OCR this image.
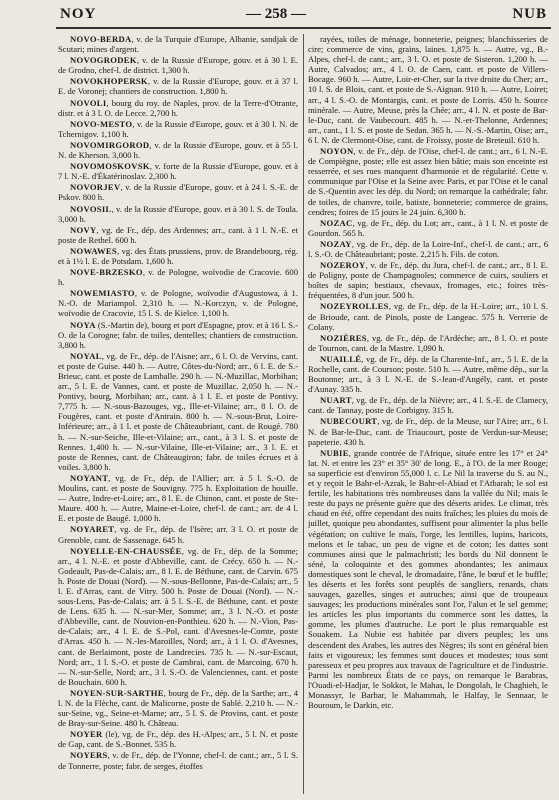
NOY	— 258 —	NUB

NOVO-BERDA, v. de la Turquie d'Europe, Albanie, sandjak de Scutari; mines d'argent.

NOVOGRODEK, v. de la Russie d'Europe, gouv. et à 30 l. E. de Grodno, chef-l. de district. 1,300 h.

NOVOKHOPERSK, v. de la Russie d'Europe, gouv. et à 37 l. E. de Voronej; chantiers de construction. 1,800 h.

NOVOLI, bourg du roy. de Naples, prov. de la Terre-d'Otrante, distr. et à 3 l. O. de Lecce. 2,700 h.

NOVO-MESTO, v. de la Russie d'Europe, gouv. et à 30 l. N. de Tchernigov. 1,100 h.

NOVOMIRGOROD, v. de la Russie d'Europe, gouv. et à 55 l. N. de Kherson. 3,000 h.

NOVOMOSKOVSK, v. forte de la Russie d'Europe, gouv. et à 7 l. N.-E. d'Ékatérinoslav. 2,300 h.

NOVORJEV, v. de la Russie d'Europe, gouv. et à 24 l. S.-E. de Pskov. 800 h.

NOVOSIL, v. de la Russie d'Europe, gouv. et à 30 l. S. de Toula. 3,000 h.

NOVY, vg. de Fr., dép. des Ardennes; arr., cant. à 1 l. N.-E. et poste de Rethel. 600 h.

NOWAWES, vg. des États prussiens, prov. de Brandebourg, rég. et à 1½ l. E. de Potsdam. 1,600 h.

NOVE-BRZESKO, v. de Pologne, woïvodie de Cracovie. 600 h.

NOWEMIASTO, v. de Pologne, woïvodie d'Augustowa, à 1. N.-O. de Mariampol. 2,310 h. — N.-Korczyn, v. de Pologne, woïvodie de Cracovie, 15 l. S. de Kielce. 1,100 h.

NOYA (S.-Martin de), bourg et port d'Espagne, prov. et à 16 l. S.-O. de la Corogne; fabr. de toiles, dentelles; chantiers de construction. 3,800 h.

NOYAL, vg. de Fr., dép. de l'Aisne; arr., 6 l. O. de Vervins, cant. et poste de Guise. 440 h. — Autre, Côtes-du-Nord; arr., 6 l. E. de S.-Brieuc, cant. et poste de Lamballe. 290 h. — N.-Muzillac, Morbihan; arr., 5 l. E. de Vannes, cant. et poste de Muzillac. 2,050 h. — N.-Pontivy, bourg, Morbihan; arr., cant. à 1 l. E. et poste de Pontivy. 7,775 h. — N.-sous-Bazouges, vg., Ille-et-Vilaine; arr., 8 l. O. de Fougères, cant. et poste d'Antrain. 800 h. — N.-sous-Brut, Loire-Inférieure; arr., à 1 l. et poste de Châteaubriant, cant. de Rougé. 780 h. — N.-sur-Seiche, Ille-et-Vilaine; arr., cant., à 3 l. S. et poste de Rennes. 1,400 h. — N.-sur-Vilaine, Ille-et-Vilaine; arr., 3 l. E. et poste de Rennes, cant. de Châteaugiron; fabr. de toiles écrues et à voiles. 3,800 h.

NOYANT, vg. de Fr., dép. de l'Allier; arr. à 5 l. S.-O. de Moulins, cant. et poste de Souvigny. 775 h. Exploitation de houille. — Autre, Indre-et-Loire; arr., 8 l. E. de Chinon, cant. et poste de Ste-Maure. 400 h. — Autre, Maine-et-Loire, chef-l. de cant.; arr. de 4 l. E. et poste de Baugé. 1,000 h.

NOYARET, vg. de Fr., dép. de l'Isère; arr. 3 l. O. et poste de Grenoble, cant. de Sassenage. 645 h.

NOYELLE-EN-CHAUSSÉE, vg. de Fr., dép. de la Somme; arr., 4 l. N.-E. et poste d'Abbeville, cant. de Crécy. 650 h. — N.-Godeault, Pas-de-Calais; arr., 8 l. E. de Béthune, cant. de Carvin. 675 h. Poste de Douai (Nord). — N.-sous-Bellonne, Pas-de-Calais; arr., 5 l. E. d'Arras, cant. de Vitry. 500 h. Poste de Douai (Nord). — N.-sous-Lens, Pas-de-Calais; arr. à 5 l. S.-E. de Béthune, cant. et poste de Lens. 635 h. — N.-sur-Mer, Somme; arr., 3 l. N.-O. et poste d'Abbeville, cant. de Nouvion-en-Ponthieu. 620 h. — N.-Vion, Pas-de-Calais; arr., 4 l. E. de S.-Pol, cant. d'Avesnes-le-Comte, poste d'Arras. 450 h. — N.-les-Maroilles, Nord; arr., à 1 l. O. d'Avesnes, cant. de Berlaimont, poste de Landrecies. 735 h. — N.-sur-Escaut, Nord; arr., 1 l. S.-O. et poste de Cambrai, cant. de Marcoing. 670 h. — N.-sur-Selle, Nord; arr., 3 l. S.-O. de Valenciennes, cant. et poste de Bouchain. 600 h.

NOYEN-SUR-SARTHE, bourg de Fr., dép. de la Sarthe; arr., 4 l. N. de la Flèche, cant. de Malicorne, poste de Sablé. 2,210 h. — N.-sur-Seine, vg., Seine-et-Marne; arr., 5 l. S. de Provins, cant. et poste de Bray-sur-Seine. 480 h. Château.

NOYER (le), vg. de Fr., dép. des H.-Alpes; arr., 5 l. N. et poste de Gap, cant. de S.-Bonnet. 535 h.

NOYERS, v. de Fr., dép. de l'Yonne, chef-l. de cant.; arr., 5 l. S. de Tonnerre, poste; fabr. de serges, étoffes

rayées, toiles de ménage, bonneterie, peignes; blanchisseries de cire; commerce de vins, grains, laines. 1,875 h. — Autre, vg., B.-Alpes, chef-l. de cant.; arr., 3 l. O. et poste de Sisteron. 1,200 h. — Autre, Calvados; arr., 4 l. O. de Caen, cant. et poste de Villers-Bocage. 960 h. — Autre, Loir-et-Cher, sur la rive droite du Cher; arr., 10 l. S. de Blois, cant. et poste de S.-Aignan. 910 h. — Autre, Loiret; arr., 4 l. S.-O. de Montargis, cant. et poste de Lorris. 450 h. Source minérale. — Autre, Meuse, près la Chée; arr., 4 l. N. et poste de Bar-le-Duc, cant. de Vaubecourt. 485 h. — N.-et-Thelonne, Ardennes; arr., cant., 1 l. S. et poste de Sedan. 365 h. — N.-S.-Martin, Oise; arr., 6 l. N. de Clermont-Oise, cant. de Froissy, poste de Breteuil. 610 h.

NOYON, v. de Fr., dép. de l'Oise, chef-l. de cant.; arr., 6 l. N.-E. de Compiègne, poste; elle est assez bien bâtie; mais son enceinte est resserrée, et ses rues manquent d'harmonie et de régularité. Cette v. communique par l'Oise et la Seine avec Paris, et par l'Oise et le canal de S.-Quentin avec les dép. du Nord; on remarque la cathédrale; fabr. de toiles, de chanvre, toile, batiste, bonneterie; commerce de grains, cendres; foires de 15 jours le 24 juin. 6,300 h.

NOZAC, vg. de Fr., dép. du Lot; arr., cant., à 1 l. N. et poste de Gourdon. 565 h.

NOZAY, vg. de Fr., dép. de la Loire-Inf., chef-l. de cant.; arr., 6 l. S.-O. de Châteaubriant; poste. 2,215 h. Fils. de coton.

NOZEROY, v. de Fr., dép. du Jura, chef-l. de cant.; arr., 8 l. E. de Poligny, poste de Champagnoles; commerce de cuirs, souliers et boîtes de sapin; bestiaux, chevaux, fromages, etc.; foires très-fréquentées, 8 d'un jour. 500 h.

NOZEYROLLES, vg. de Fr., dép. de la H.-Loire; arr., 10 l. S. de Brioude, cant. de Pinols, poste de Langeac. 575 h. Verrerie de Colany.

NOZIÈRES, vg. de Fr., dép. de l'Ardèche; arr., 8 l. O. et poste de Tournon, cant. de la Mastre. 1,090 h.

NUAILLÉ, vg. de Fr., dép. de la Charente-Inf., arr., 5 l. E. de la Rochelle, cant. de Courson; poste. 510 h. — Autre, même dép., sur la Boutonne; arr., à 3 l. N.-E. de S.-Jean-d'Angély, cant. et poste d'Aunay. 335 h.

NUART, vg. de Fr., dép. de la Nièvre; arr., 4 l. S.-E. de Clamecy, cant. de Tannay, poste de Corbigny. 315 h.

NUBECOURT, vg. de Fr., dép. de la Meuse, sur l'Aire; arr., 6 l. N. de Bar-le-Duc, cant. de Triaucourt, poste de Verdun-sur-Meuse; papeterie. 430 h.

NUBIE, grande contrée de l'Afrique, située entre les 17° et 24° lat. N. et entre les 23° et 35° 30' de long. E., à l'O. de la mer Rouge; sa superficie est d'environ 55,000 l. c. Le Nil la traverse du S. au N., et y reçoit le Bahr-el-Azrak, le Bahr-el-Abiad et l'Atbarah; le sol est fertile, les habitations très nombreuses dans la vallée du Nil; mais le reste du pays ne présente guère que des déserts arides. Le climat, très chaud en été, offre cependant des nuits fraîches; les pluies du mois de juillet, quoique peu abondantes, suffisent pour alimenter la plus belle végétation; on cultive le maïs, l'orge, les lentilles, lupins, haricots, melons et le tabac, un peu de vigne et de coton; les dattes sont communes ainsi que le palmachristi; les bords du Nil donnent le séné, la coloquinte et des gommes abondantes; les animaux domestiques sont le cheval, le dromadaire, l'âne, le bœuf et le buffle; les déserts et les forêts sont peuplés de sangliers, renards, chats sauvages, gazelles, singes et autruches; ainsi que de troupeaux sauvages; les productions minérales sont l'or, l'alun et le sel gemme; les articles les plus importants du commerce sont les dattes, la gomme, les plumes d'autruche. Le port le plus remarquable est Souakem. La Nubie est habitée par divers peuples; les uns descendent des Arabes, les autres des Nègres; ils sont en général bien faits et vigoureux; les femmes sont douces et modestes; tous sont paresseux et peu propres aux travaux de l'agriculture et de l'industrie. Parmi les nombreux États de ce pays, on remarque le Barabras, l'Ouadi-el-Hadjar, le Sokkot, le Mahas, le Dongolah, le Chaghieh, le Monassyr, le Barbar, le Mahammah, le Halfay, le Sennaar, le Bouroum, le Darkin, etc.
